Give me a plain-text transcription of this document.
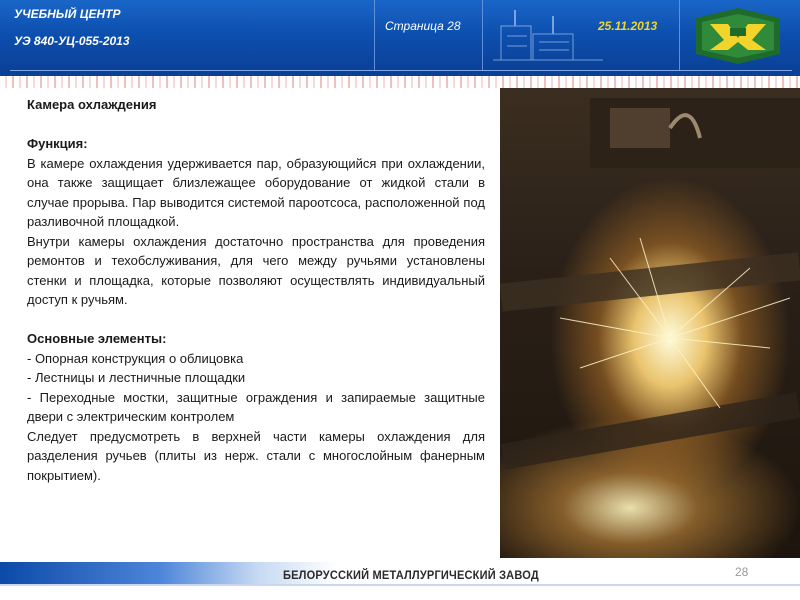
УЧЕБНЫЙ ЦЕНТР
УЭ 840-УЦ-055-2013
Страница 28	25.11.2013

Камера охлаждения

Функция:

В камере охлаждения удерживается пар, образующийся при охлаждении, она также защищает близлежащее оборудование от жидкой стали в случае прорыва. Пар выводится системой пароотсоса, расположенной под разливочной площадкой.

Внутри камеры охлаждения достаточно пространства для проведения ремонтов и техобслуживания, для чего между ручьями установлены стенки и площадка, которые позволяют осуществлять индивидуальный доступ к ручьям.

Основные элементы:

- Опорная конструкция о облицовка

- Лестницы и лестничные площадки

- Переходные мостки, защитные ограждения и запираемые защитные двери с электрическим контролем

Следует предусмотреть в верхней части камеры охлаждения для разделения ручьев (плиты из нерж. стали с многослойным фанерным покрытием).

БЕЛОРУССКИЙ МЕТАЛЛУРГИЧЕСКИЙ ЗАВОД	28
